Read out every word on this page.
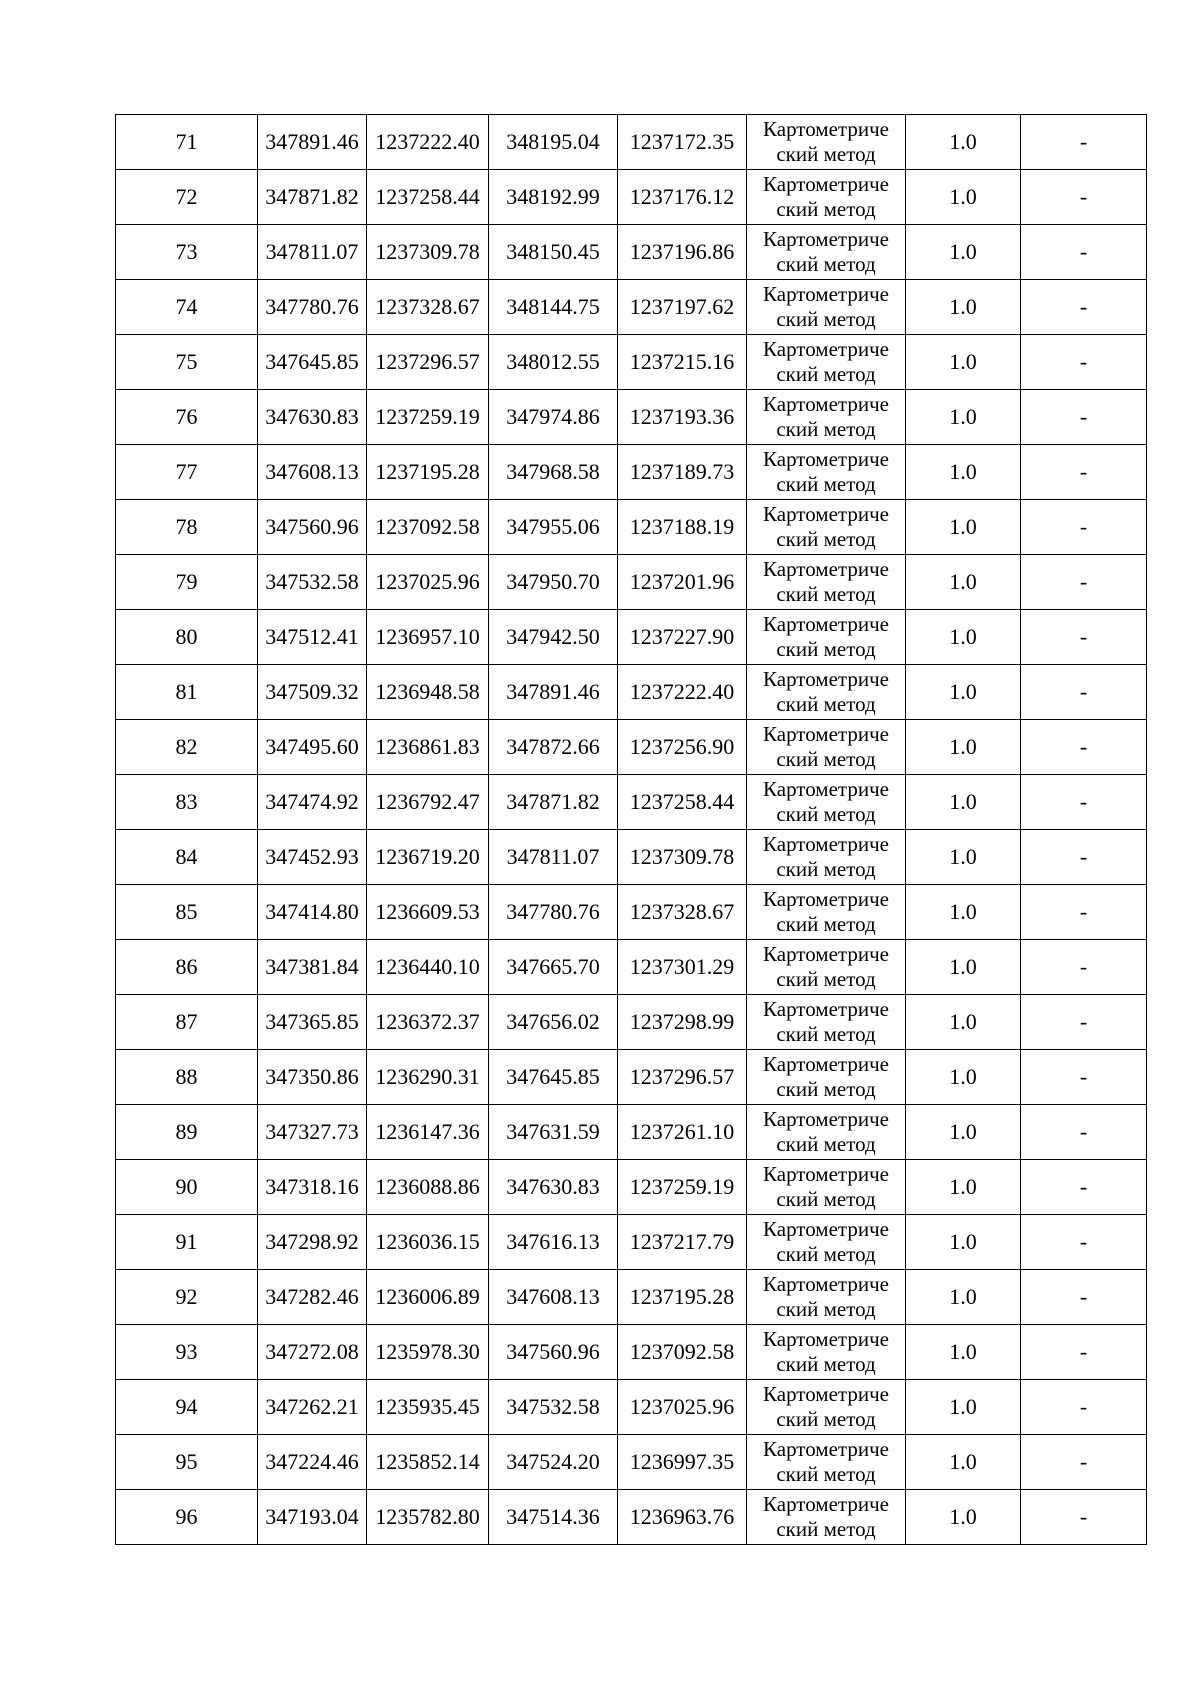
71	347891.46	1237222.40	348195.04	1237172.35	Картометриче
ский метод	1.0	-
72	347871.82	1237258.44	348192.99	1237176.12	Картометриче
ский метод	1.0	-
73	347811.07	1237309.78	348150.45	1237196.86	Картометриче
ский метод	1.0	-
74	347780.76	1237328.67	348144.75	1237197.62	Картометриче
ский метод	1.0	-
75	347645.85	1237296.57	348012.55	1237215.16	Картометриче
ский метод	1.0	-
76	347630.83	1237259.19	347974.86	1237193.36	Картометриче
ский метод	1.0	-
77	347608.13	1237195.28	347968.58	1237189.73	Картометриче
ский метод	1.0	-
78	347560.96	1237092.58	347955.06	1237188.19	Картометриче
ский метод	1.0	-
79	347532.58	1237025.96	347950.70	1237201.96	Картометриче
ский метод	1.0	-
80	347512.41	1236957.10	347942.50	1237227.90	Картометриче
ский метод	1.0	-
81	347509.32	1236948.58	347891.46	1237222.40	Картометриче
ский метод	1.0	-
82	347495.60	1236861.83	347872.66	1237256.90	Картометриче
ский метод	1.0	-
83	347474.92	1236792.47	347871.82	1237258.44	Картометриче
ский метод	1.0	-
84	347452.93	1236719.20	347811.07	1237309.78	Картометриче
ский метод	1.0	-
85	347414.80	1236609.53	347780.76	1237328.67	Картометриче
ский метод	1.0	-
86	347381.84	1236440.10	347665.70	1237301.29	Картометриче
ский метод	1.0	-
87	347365.85	1236372.37	347656.02	1237298.99	Картометриче
ский метод	1.0	-
88	347350.86	1236290.31	347645.85	1237296.57	Картометриче
ский метод	1.0	-
89	347327.73	1236147.36	347631.59	1237261.10	Картометриче
ский метод	1.0	-
90	347318.16	1236088.86	347630.83	1237259.19	Картометриче
ский метод	1.0	-
91	347298.92	1236036.15	347616.13	1237217.79	Картометриче
ский метод	1.0	-
92	347282.46	1236006.89	347608.13	1237195.28	Картометриче
ский метод	1.0	-
93	347272.08	1235978.30	347560.96	1237092.58	Картометриче
ский метод	1.0	-
94	347262.21	1235935.45	347532.58	1237025.96	Картометриче
ский метод	1.0	-
95	347224.46	1235852.14	347524.20	1236997.35	Картометриче
ский метод	1.0	-
96	347193.04	1235782.80	347514.36	1236963.76	Картометриче
ский метод	1.0	-
